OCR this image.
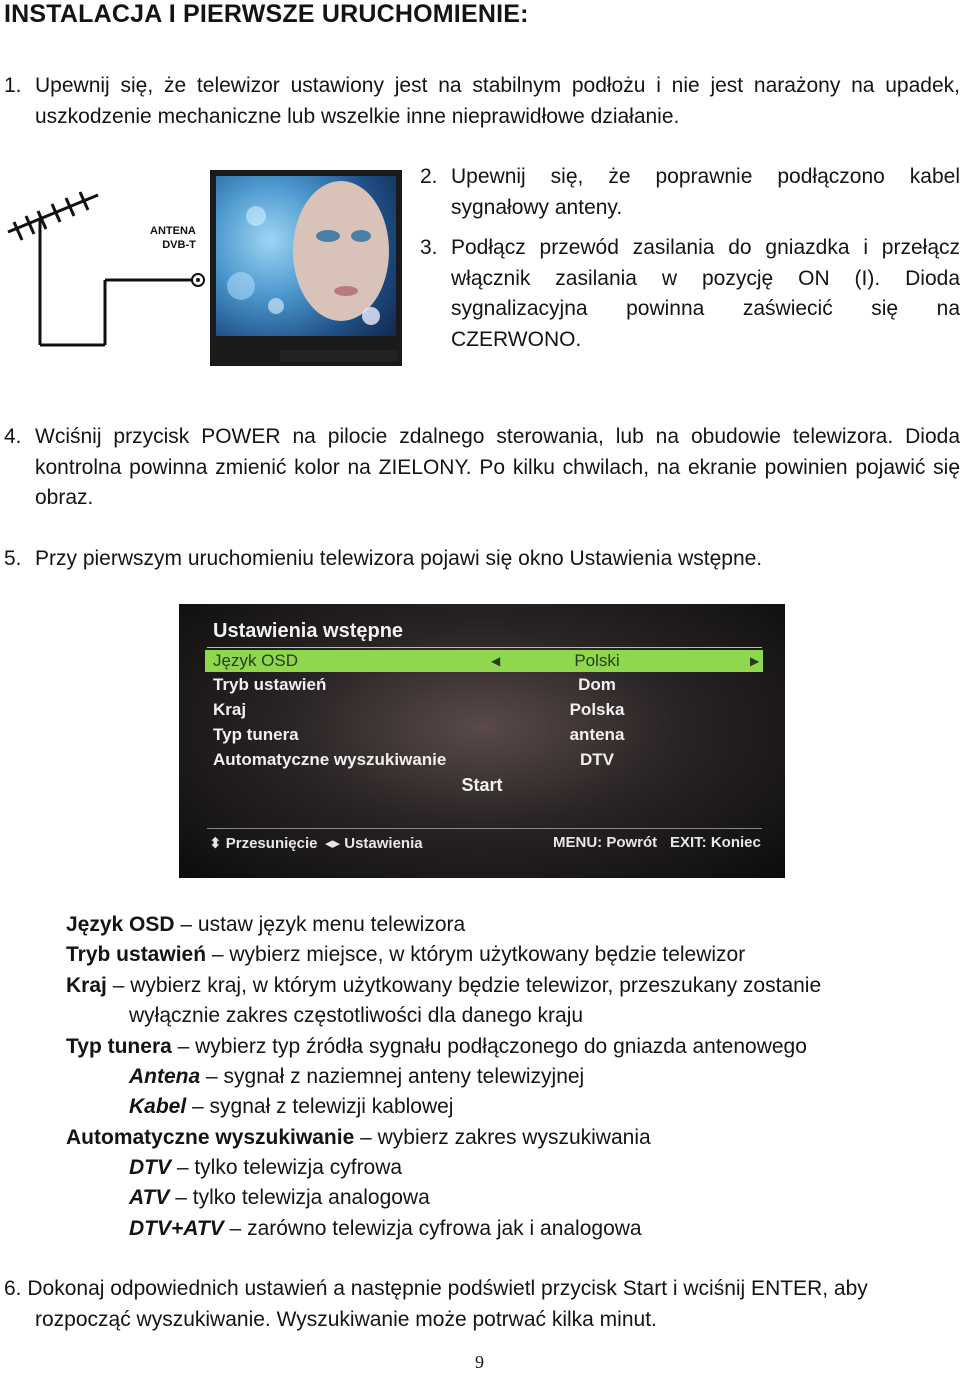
INSTALACJA I PIERWSZE URUCHOMIENIE:
1. Upewnij się, że telewizor ustawiony jest na stabilnym podłożu i nie jest narażony na upadek, uszkodzenie mechaniczne lub wszelkie inne nieprawidłowe działanie.
ANTENA
DVB-T
2. Upewnij się, że poprawnie podłączono kabel sygnałowy anteny.
3. Podłącz przewód zasilania do gniazdka i przełącz włącznik zasilania w pozycję ON (I). Dioda sygnalizacyjna powinna zaświecić się na CZERWONO.
4. Wciśnij przycisk POWER na pilocie zdalnego sterowania, lub na obudowie telewizora. Dioda kontrolna powinna zmienić kolor na ZIELONY. Po kilku chwilach, na ekranie powinien pojawić się obraz.
5. Przy pierwszym uruchomieniu telewizora pojawi się okno Ustawienia wstępne.
Ustawienia wstępne
Język OSD	◀	Polski	▶
Tryb ustawień	Dom
Kraj	Polska
Typ tunera	antena
Automatyczne wyszukiwanie	DTV
Start
⬍ Przesunięcie ◂▸ Ustawienia	MENU: Powrót EXIT: Koniec
Język OSD – ustaw język menu telewizora
Tryb ustawień – wybierz miejsce, w którym użytkowany będzie telewizor
Kraj – wybierz kraj, w którym użytkowany będzie telewizor, przeszukany zostanie
wyłącznie zakres częstotliwości dla danego kraju
Typ tunera – wybierz typ źródła sygnału podłączonego do gniazda antenowego
Antena – sygnał z naziemnej anteny telewizyjnej
Kabel – sygnał z telewizji kablowej
Automatyczne wyszukiwanie – wybierz zakres wyszukiwania
DTV – tylko telewizja cyfrowa
ATV – tylko telewizja analogowa
DTV+ATV – zarówno telewizja cyfrowa jak i analogowa
6. Dokonaj odpowiednich ustawień a następnie podświetl przycisk Start i wciśnij ENTER, aby
rozpocząć wyszukiwanie. Wyszukiwanie może potrwać kilka minut.
9
